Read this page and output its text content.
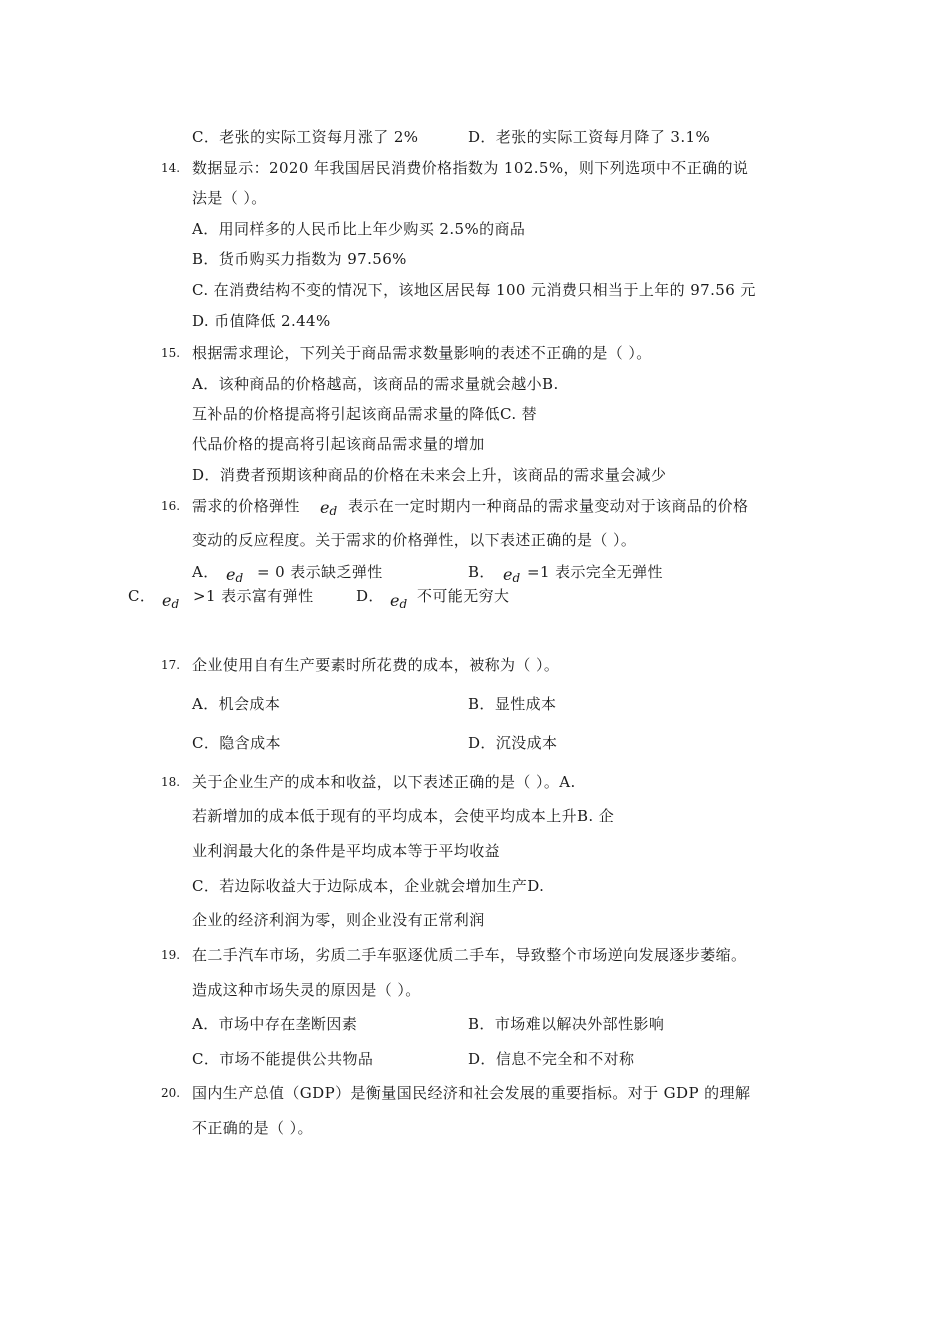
C．老张的实际工资每月涨了 2%	D．老张的实际工资每月降了 3.1%
14. 数据显示：2020 年我国居民消费价格指数为 102.5%，则下列选项中不正确的说
法是（ ）。
A．用同样多的人民币比上年少购买 2.5%的商品
B．货币购买力指数为 97.56%
C. 在消费结构不变的情况下，该地区居民每 100 元消费只相当于上年的 97.56 元
D. 币值降低 2.44%
15. 根据需求理论，下列关于商品需求数量影响的表述不正确的是（ ）。
A．该种商品的价格越高，该商品的需求量就会越小B.
互补品的价格提高将引起该商品需求量的降低C. 替
代品价格的提高将引起该商品需求量的增加
D．消费者预期该种商品的价格在未来会上升，该商品的需求量会减少
16. 需求的价格弹性 $e_d$ 表示在一定时期内一种商品的需求量变动对于该商品的价格
变动的反应程度。关于需求的价格弹性，以下表述正确的是（ ）。
A． $e_d = 0$ 表示缺乏弹性	B． $e_d =1$ 表示完全无弹性
C． $e_d >1$ 表示富有弹性	D． $e_d$ 不可能无穷大
17. 企业使用自有生产要素时所花费的成本，被称为（ ）。
A．机会成本	B．显性成本
C．隐含成本	D．沉没成本
18. 关于企业生产的成本和收益，以下表述正确的是（ ）。A.
若新增加的成本低于现有的平均成本，会使平均成本上升B. 企
业利润最大化的条件是平均成本等于平均收益
C．若边际收益大于边际成本，企业就会增加生产D.
企业的经济利润为零，则企业没有正常利润
19. 在二手汽车市场，劣质二手车驱逐优质二手车，导致整个市场逆向发展逐步萎缩。
造成这种市场失灵的原因是（ ）。
A．市场中存在垄断因素	B．市场难以解决外部性影响
C．市场不能提供公共物品	D．信息不完全和不对称
20. 国内生产总值（GDP）是衡量国民经济和社会发展的重要指标。对于 GDP 的理解
不正确的是（ ）。
